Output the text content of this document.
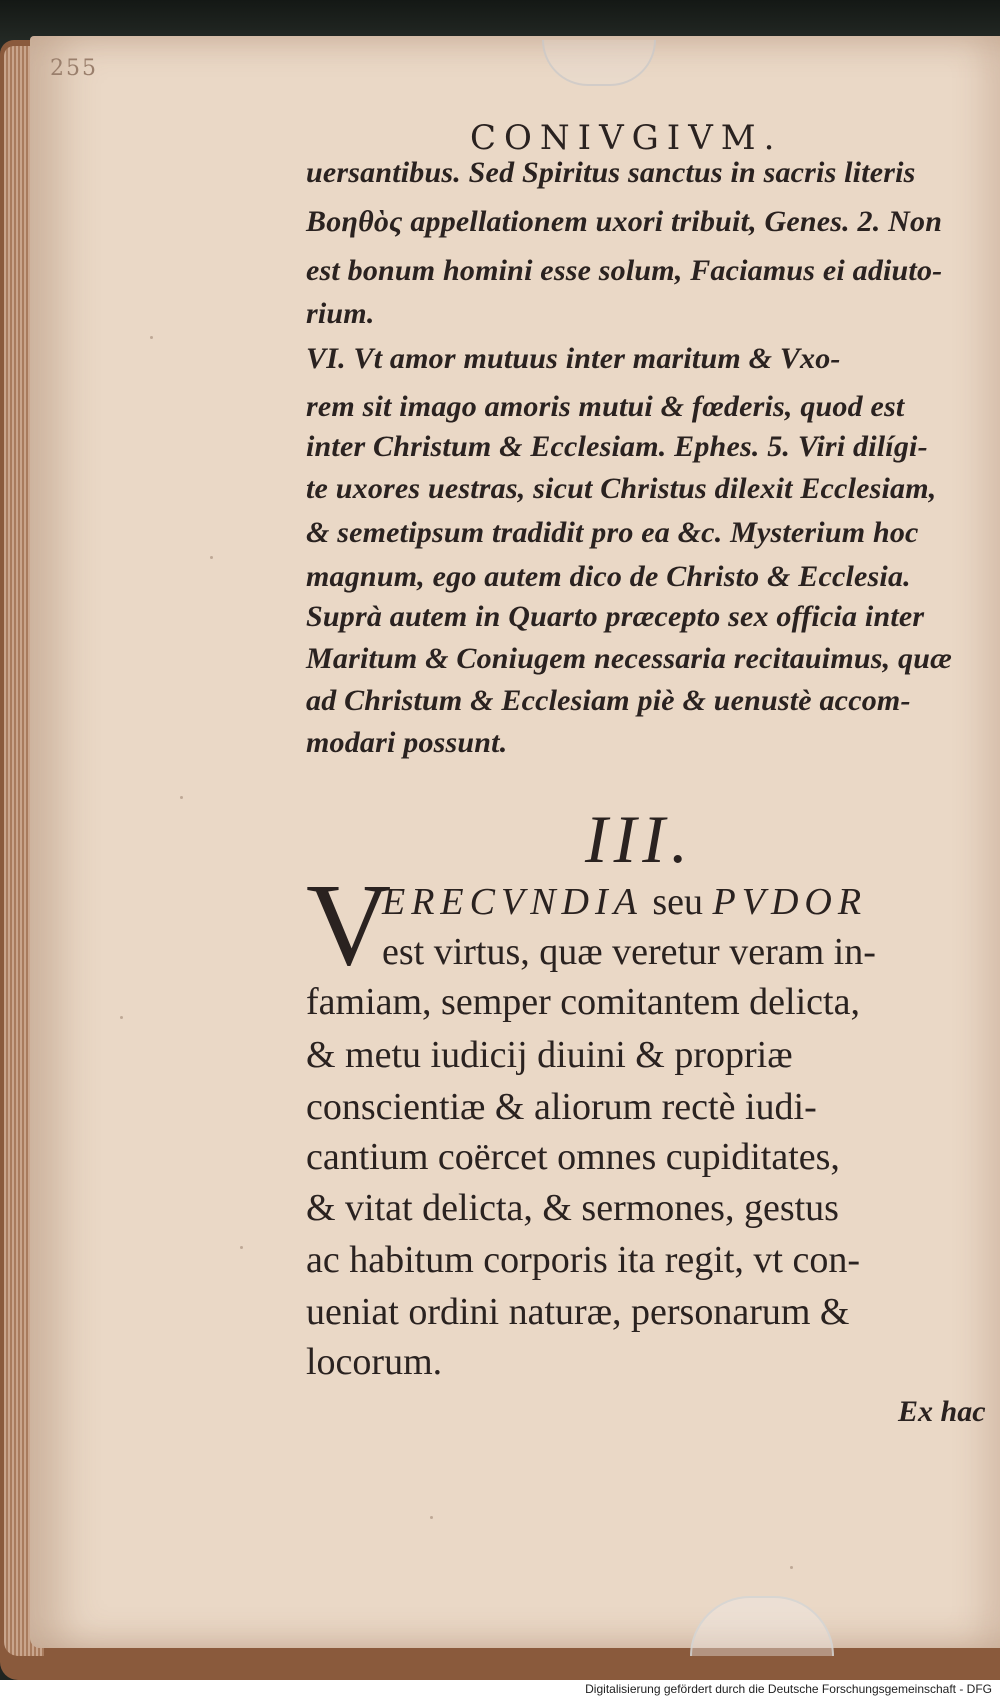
255
CONIVGIVM.
uersantibus. Sed Spiritus sanctus in sacris literis
Βοηθὸς appellationem uxori tribuit, Genes. 2. Non
est bonum homini esse solum, Faciamus ei adiuto-
rium.
VI. Vt amor mutuus inter maritum & Vxo-
rem sit imago amoris mutui & fœderis, quod est
inter Christum & Ecclesiam. Ephes. 5. Viri dilígi-
te uxores uestras, sicut Christus dilexit Ecclesiam,
& semetipsum tradidit pro ea &c. Mysterium hoc
magnum, ego autem dico de Christo & Ecclesia.
Suprà autem in Quarto præcepto sex officia inter
Maritum & Coniugem necessaria recitauimus, quæ
ad Christum & Ecclesiam piè & uenustè accom-
modari possunt.
III.
V
ERECVNDIA seu PVDOR
est virtus, quæ veretur veram in-
famiam, semper comitantem delicta,
& metu iudicij diuini & propriæ
conscientiæ & aliorum rectè iudi-
cantium coërcet omnes cupiditates,
& vitat delicta, & sermones, gestus
ac habitum corporis ita regit, vt con-
ueniat ordini naturæ, personarum &
locorum.
Ex hac
Digitalisierung gefördert durch die Deutsche Forschungsgemeinschaft - DFG
